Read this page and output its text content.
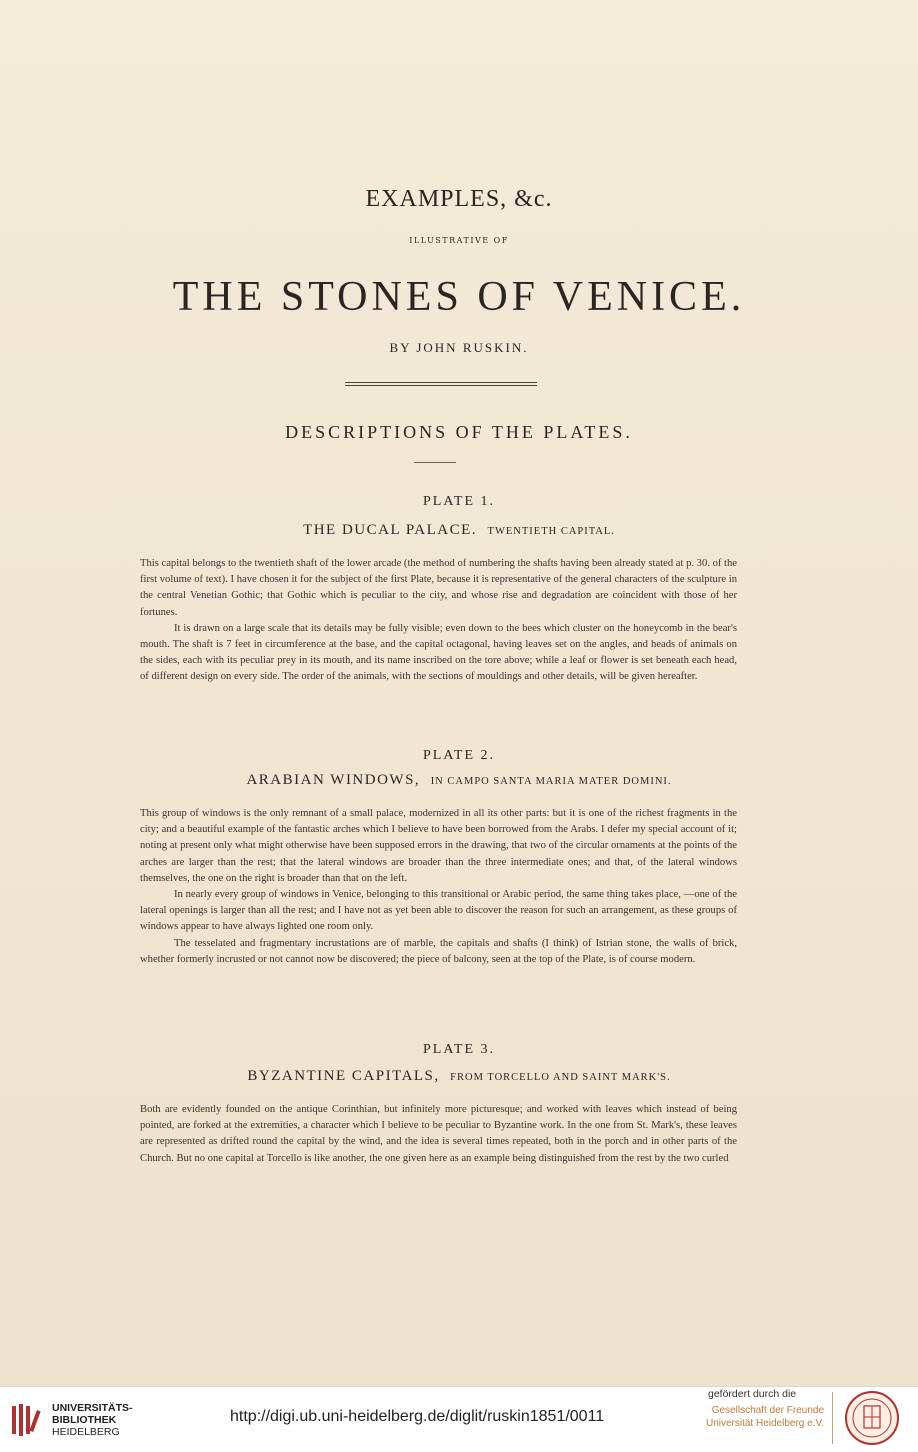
EXAMPLES, &c.
ILLUSTRATIVE OF
THE STONES OF VENICE.
BY JOHN RUSKIN.
DESCRIPTIONS OF THE PLATES.
PLATE 1.
THE DUCAL PALACE. TWENTIETH CAPITAL.

This capital belongs to the twentieth shaft of the lower arcade (the method of numbering the shafts having been already stated at p. 30. of the first volume of text). I have chosen it for the subject of the first Plate, because it is representative of the general characters of the sculpture in the central Venetian Gothic; that Gothic which is peculiar to the city, and whose rise and degradation are coincident with those of her fortunes.

It is drawn on a large scale that its details may be fully visible; even down to the bees which cluster on the honeycomb in the bear's mouth. The shaft is 7 feet in circumference at the base, and the capital octagonal, having leaves set on the angles, and heads of animals on the sides, each with its peculiar prey in its mouth, and its name inscribed on the tore above; while a leaf or flower is set beneath each head, of different design on every side. The order of the animals, with the sections of mouldings and other details, will be given hereafter.

PLATE 2.
ARABIAN WINDOWS, IN CAMPO SANTA MARIA MATER DOMINI.

This group of windows is the only remnant of a small palace, modernized in all its other parts: but it is one of the richest fragments in the city; and a beautiful example of the fantastic arches which I believe to have been borrowed from the Arabs. I defer my special account of it; noting at present only what might otherwise have been supposed errors in the drawing, that two of the circular ornaments at the points of the arches are larger than the rest; that the lateral windows are broader than the three intermediate ones; and that, of the lateral windows themselves, the one on the right is broader than that on the left.

In nearly every group of windows in Venice, belonging to this transitional or Arabic period, the same thing takes place, —one of the lateral openings is larger than all the rest; and I have not as yet been able to discover the reason for such an arrangement, as these groups of windows appear to have always lighted one room only.

The tesselated and fragmentary incrustations are of marble, the capitals and shafts (I think) of Istrian stone, the walls of brick, whether formerly incrusted or not cannot now be discovered; the piece of balcony, seen at the top of the Plate, is of course modern.

PLATE 3.
BYZANTINE CAPITALS, FROM TORCELLO AND SAINT MARK'S.

Both are evidently founded on the antique Corinthian, but infinitely more picturesque; and worked with leaves which instead of being pointed, are forked at the extremities, a character which I believe to be peculiar to Byzantine work. In the one from St. Mark's, these leaves are represented as drifted round the capital by the wind, and the idea is several times repeated, both in the porch and in other parts of the Church. But no one capital at Torcello is like another, the one given here as an example being distinguished from the rest by the two curled

UNIVERSITÄTS-
BIBLIOTHEK
HEIDELBERG
http://digi.ub.uni-heidelberg.de/diglit/ruskin1851/0011
gefördert durch die
Gesellschaft der Freunde
Universität Heidelberg e.V.
